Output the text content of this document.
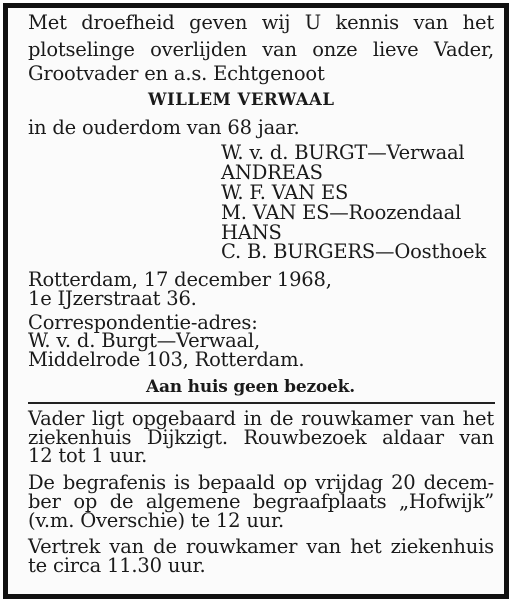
Met droefheid geven wij U kennis van het
plotselinge overlijden van onze lieve Vader,
Grootvader en a.s. Echtgenoot
WILLEM VERWAAL
in de ouderdom van 68 jaar.
W. v. d. BURGT—Verwaal
ANDREAS
W. F. VAN ES
M. VAN ES—Roozendaal
HANS
C. B. BURGERS—Oosthoek
Rotterdam, 17 december 1968,
1e IJzerstraat 36.
Correspondentie-adres:
W. v. d. Burgt—Verwaal,
Middelrode 103, Rotterdam.
Aan huis geen bezoek.
Vader ligt opgebaard in de rouwkamer van het
ziekenhuis Dijkzigt. Rouwbezoek aldaar van
12 tot 1 uur.
De begrafenis is bepaald op vrijdag 20 decem-
ber op de algemene begraafplaats „Hofwijk”
(v.m. Overschie) te 12 uur.
Vertrek van de rouwkamer van het ziekenhuis
te circa 11.30 uur.
